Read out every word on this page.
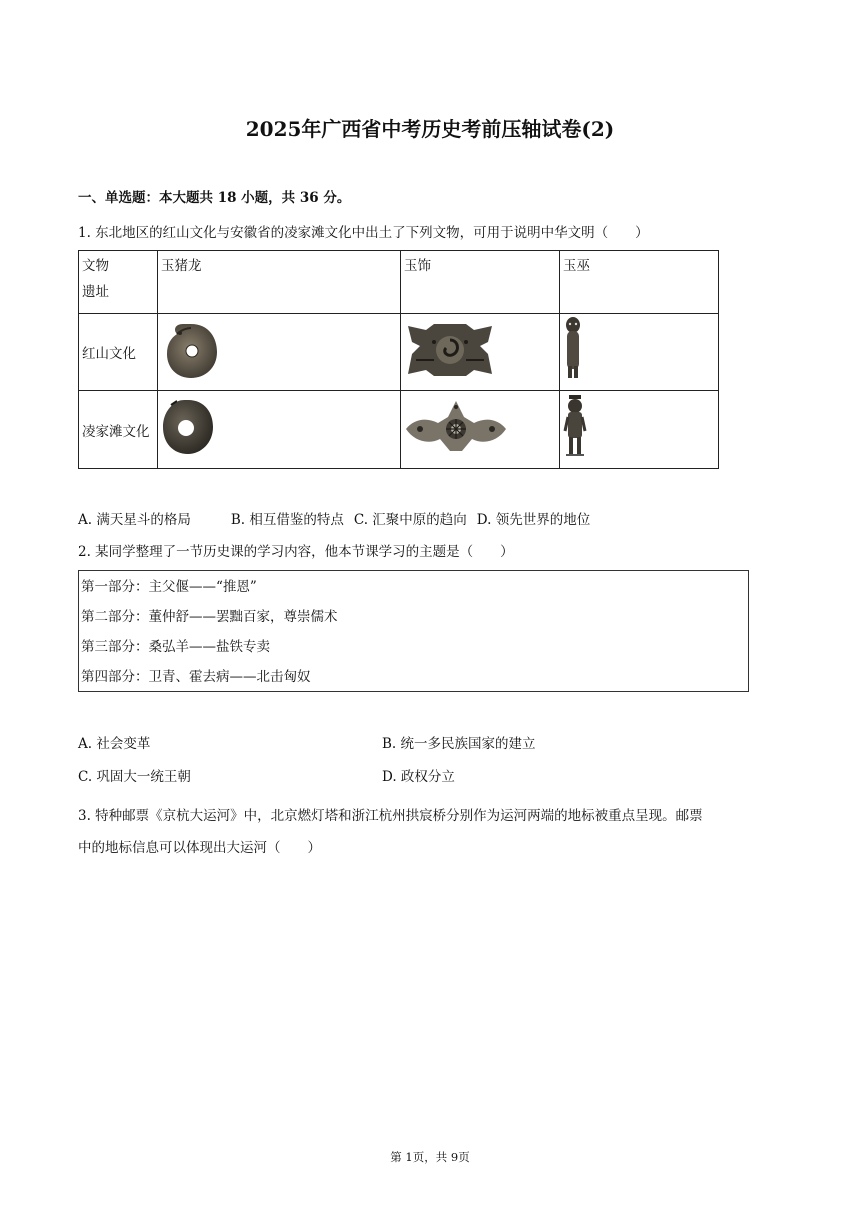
2025年广西省中考历史考前压轴试卷(2)
一、单选题：本大题共 18 小题，共 36 分。
1. 东北地区的红山文化与安徽省的凌家滩文化中出土了下列文物，可用于说明中华文明（　　）
文物
遗址	玉猪龙	玉饰	玉巫
红山文化			
凌家滩文化			
A. 满天星斗的格局	B. 相互借鉴的特点 C. 汇聚中原的趋向 D. 领先世界的地位
2. 某同学整理了一节历史课的学习内容，他本节课学习的主题是（　　）
第一部分：主父偃——“推恩”
第二部分：董仲舒——罢黜百家，尊崇儒术
第三部分：桑弘羊——盐铁专卖
第四部分：卫青、霍去病——北击匈奴
A. 社会变革	B. 统一多民族国家的建立
C. 巩固大一统王朝	D. 政权分立
3. 特种邮票《京杭大运河》中，北京燃灯塔和浙江杭州拱宸桥分别作为运河两端的地标被重点呈现。邮票
中的地标信息可以体现出大运河（　　）
第 1页，共 9页
